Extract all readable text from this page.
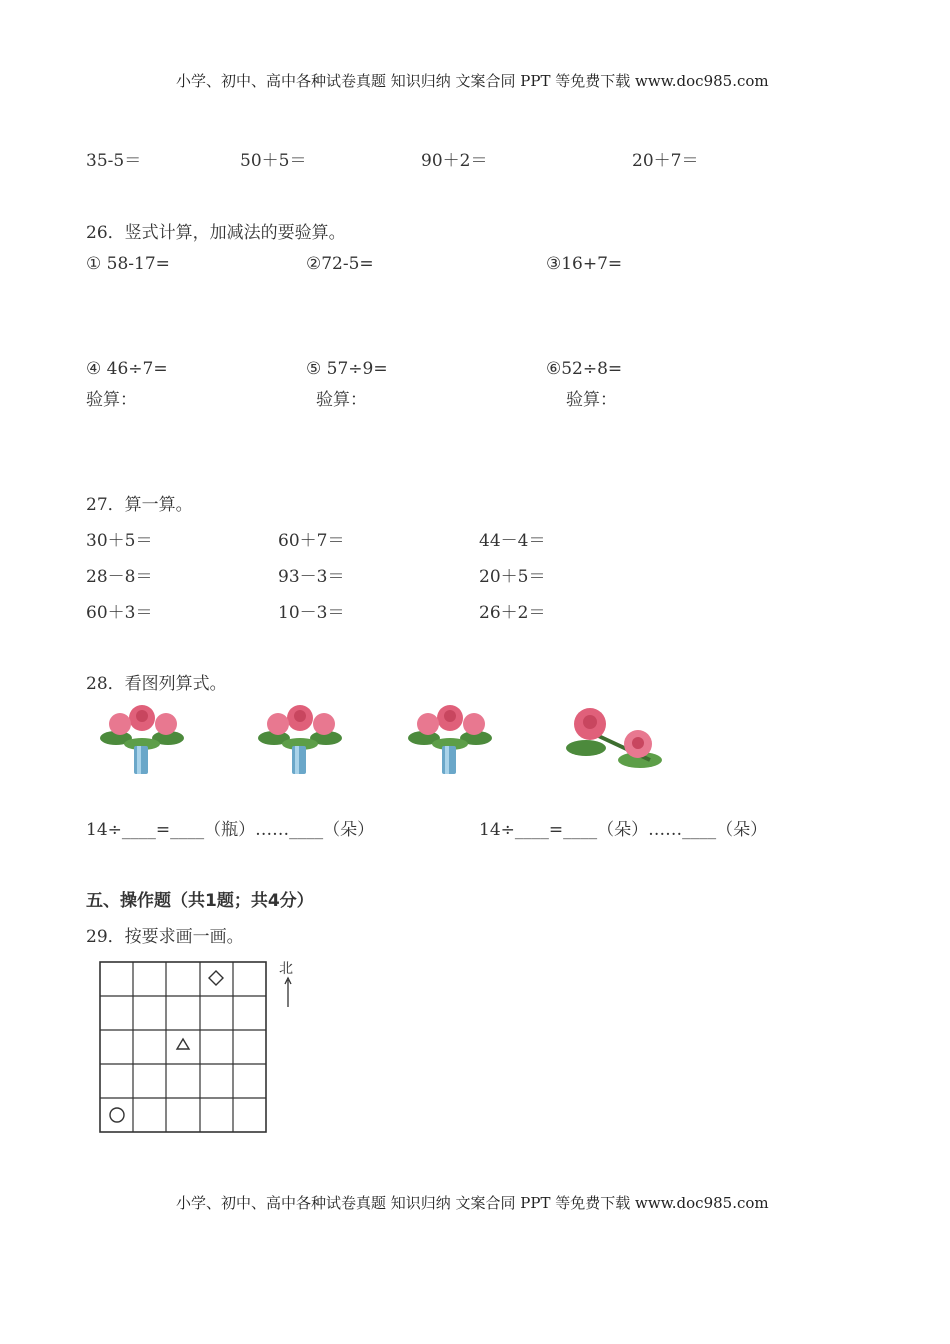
小学、初中、高中各种试卷真题 知识归纳 文案合同 PPT 等免费下载 www.doc985.com
35-5＝	50＋5＝	90＋2＝	20＋7＝
26．竖式计算，加减法的要验算。
① 58-17=	②72-5=	③16+7=
④ 46÷7=	⑤ 57÷9=	⑥52÷8=
验算：	验算：	验算：
27．算一算。
30＋5＝	60＋7＝	44－4＝
28－8＝	93－3＝	20＋5＝
60＋3＝	10－3＝	26＋2＝
28．看图列算式。
14÷____=____（瓶）……____（朵）	14÷____=____（朵）……____（朵）
五、操作题（共1题；共4分）
29．按要求画一画。
北
小学、初中、高中各种试卷真题 知识归纳 文案合同 PPT 等免费下载 www.doc985.com
